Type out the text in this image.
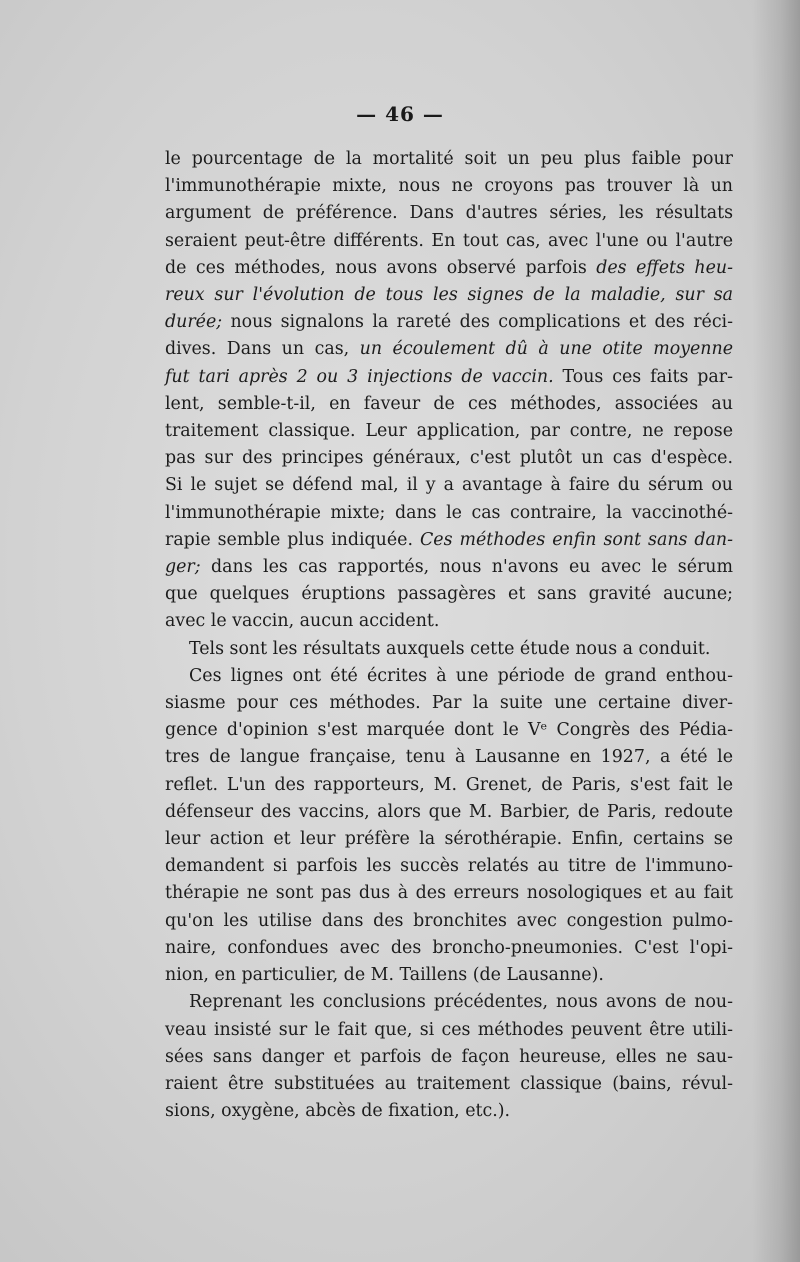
— 46 —
le pourcentage de la mortalité soit un peu plus faible pour
l'immunothérapie mixte, nous ne croyons pas trouver là un
argument de préférence. Dans d'autres séries, les résultats
seraient peut-être différents. En tout cas, avec l'une ou l'autre
de ces méthodes, nous avons observé parfois des effets heu-
reux sur l'évolution de tous les signes de la maladie, sur sa
durée; nous signalons la rareté des complications et des réci-
dives. Dans un cas, un écoulement dû à une otite moyenne
fut tari après 2 ou 3 injections de vaccin. Tous ces faits par-
lent, semble-t-il, en faveur de ces méthodes, associées au
traitement classique. Leur application, par contre, ne repose
pas sur des principes généraux, c'est plutôt un cas d'espèce.
Si le sujet se défend mal, il y a avantage à faire du sérum ou
l'immunothérapie mixte; dans le cas contraire, la vaccinothé-
rapie semble plus indiquée. Ces méthodes enfin sont sans dan-
ger; dans les cas rapportés, nous n'avons eu avec le sérum
que quelques éruptions passagères et sans gravité aucune;
avec le vaccin, aucun accident.
Tels sont les résultats auxquels cette étude nous a conduit.
Ces lignes ont été écrites à une période de grand enthou-
siasme pour ces méthodes. Par la suite une certaine diver-
gence d'opinion s'est marquée dont le Vᵉ Congrès des Pédia-
tres de langue française, tenu à Lausanne en 1927, a été le
reflet. L'un des rapporteurs, M. Grenet, de Paris, s'est fait le
défenseur des vaccins, alors que M. Barbier, de Paris, redoute
leur action et leur préfère la sérothérapie. Enfin, certains se
demandent si parfois les succès relatés au titre de l'immuno-
thérapie ne sont pas dus à des erreurs nosologiques et au fait
qu'on les utilise dans des bronchites avec congestion pulmo-
naire, confondues avec des broncho-pneumonies. C'est l'opi-
nion, en particulier, de M. Taillens (de Lausanne).
Reprenant les conclusions précédentes, nous avons de nou-
veau insisté sur le fait que, si ces méthodes peuvent être utili-
sées sans danger et parfois de façon heureuse, elles ne sau-
raient être substituées au traitement classique (bains, révul-
sions, oxygène, abcès de fixation, etc.).
